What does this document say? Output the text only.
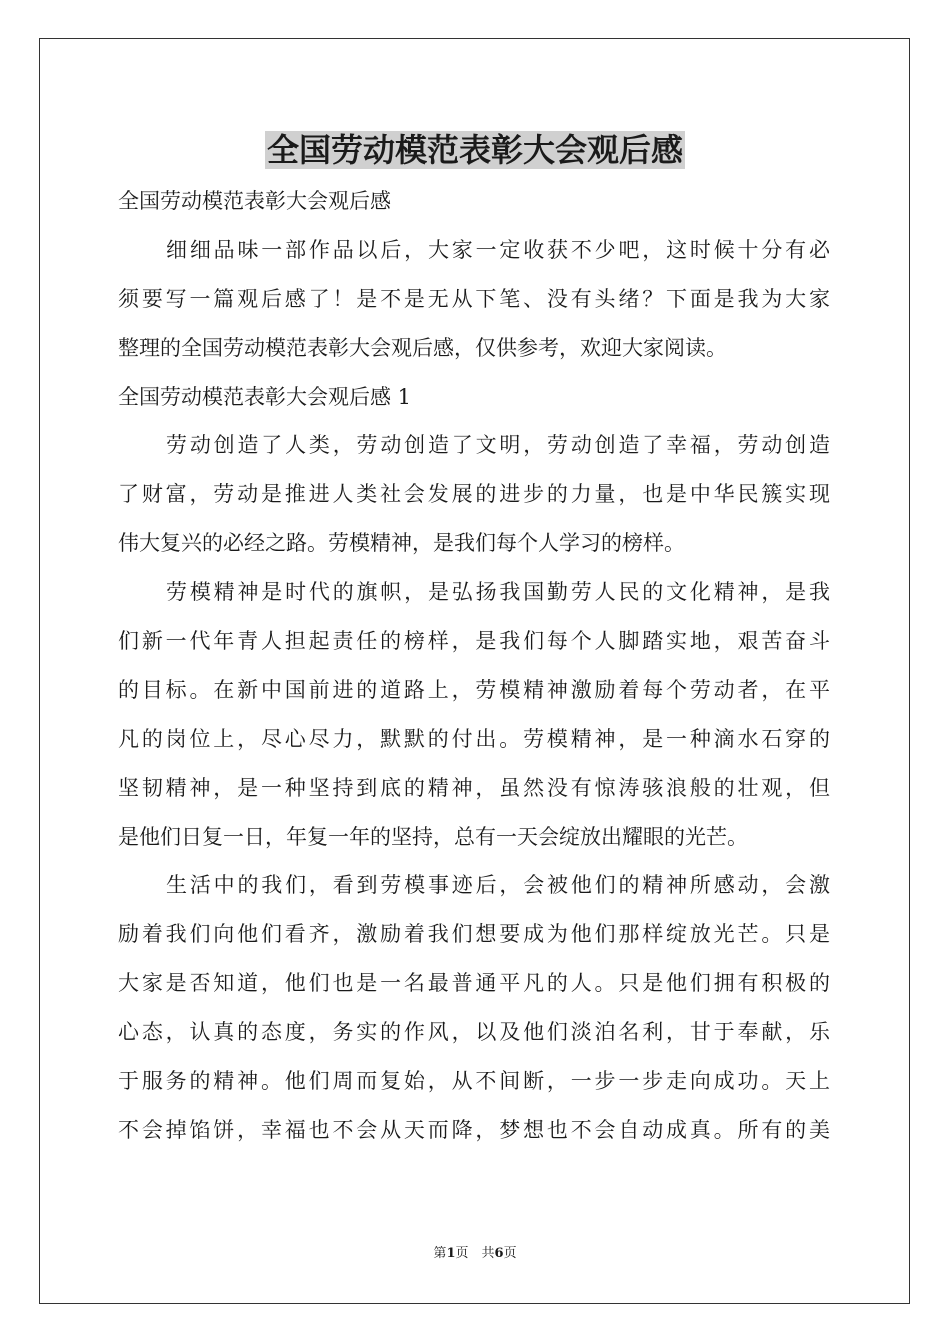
全国劳动模范表彰大会观后感
全国劳动模范表彰大会观后感
细细品味一部作品以后，大家一定收获不少吧，这时候十分有必
须要写一篇观后感了！是不是无从下笔、没有头绪？下面是我为大家
整理的全国劳动模范表彰大会观后感，仅供参考，欢迎大家阅读。
全国劳动模范表彰大会观后感 1
劳动创造了人类，劳动创造了文明，劳动创造了幸福，劳动创造
了财富，劳动是推进人类社会发展的进步的力量，也是中华民簇实现
伟大复兴的必经之路。劳模精神，是我们每个人学习的榜样。
劳模精神是时代的旗帜，是弘扬我国勤劳人民的文化精神，是我
们新一代年青人担起责任的榜样，是我们每个人脚踏实地，艰苦奋斗
的目标。在新中国前进的道路上，劳模精神激励着每个劳动者，在平
凡的岗位上，尽心尽力，默默的付出。劳模精神，是一种滴水石穿的
坚韧精神，是一种坚持到底的精神，虽然没有惊涛骇浪般的壮观，但
是他们日复一日，年复一年的坚持，总有一天会绽放出耀眼的光芒。
生活中的我们，看到劳模事迹后，会被他们的精神所感动，会激
励着我们向他们看齐，激励着我们想要成为他们那样绽放光芒。只是
大家是否知道，他们也是一名最普通平凡的人。只是他们拥有积极的
心态，认真的态度，务实的作风，以及他们淡泊名利，甘于奉献，乐
于服务的精神。他们周而复始，从不间断，一步一步走向成功。天上
不会掉馅饼，幸福也不会从天而降，梦想也不会自动成真。所有的美
第1页  共6页
